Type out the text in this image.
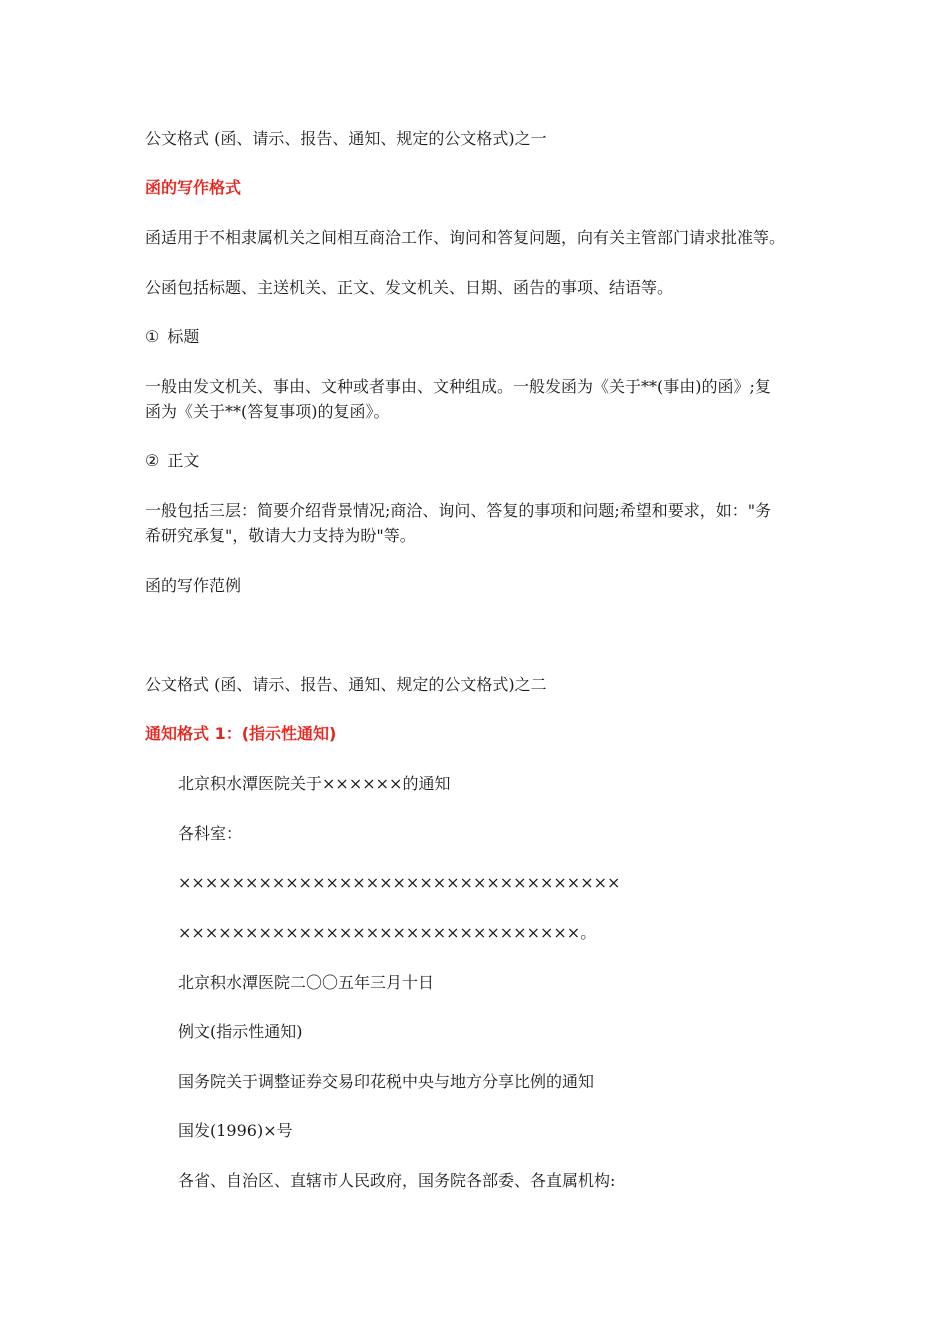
公文格式 (函、请示、报告、通知、规定的公文格式)之一

函的写作格式

函适用于不相隶属机关之间相互商洽工作、询问和答复问题，向有关主管部门请求批准等。

公函包括标题、主送机关、正文、发文机关、日期、函告的事项、结语等。

① 标题

一般由发文机关、事由、文种或者事由、文种组成。一般发函为《关于**(事由)的函》;复

函为《关于**(答复事项)的复函》。

② 正文

一般包括三层：简要介绍背景情况;商洽、询问、答复的事项和问题;希望和要求，如："务

希研究承复"，敬请大力支持为盼"等。

函的写作范例

公文格式 (函、请示、报告、通知、规定的公文格式)之二

通知格式 1：(指示性通知)

北京积水潭医院关于××××××的通知

各科室：

×××××××××××××××××××××××××××××××××

××××××××××××××××××××××××××××××。

北京积水潭医院二〇〇五年三月十日

例文(指示性通知)

国务院关于调整证券交易印花税中央与地方分享比例的通知

国发(1996)×号

各省、自治区、直辖市人民政府，国务院各部委、各直属机构:
